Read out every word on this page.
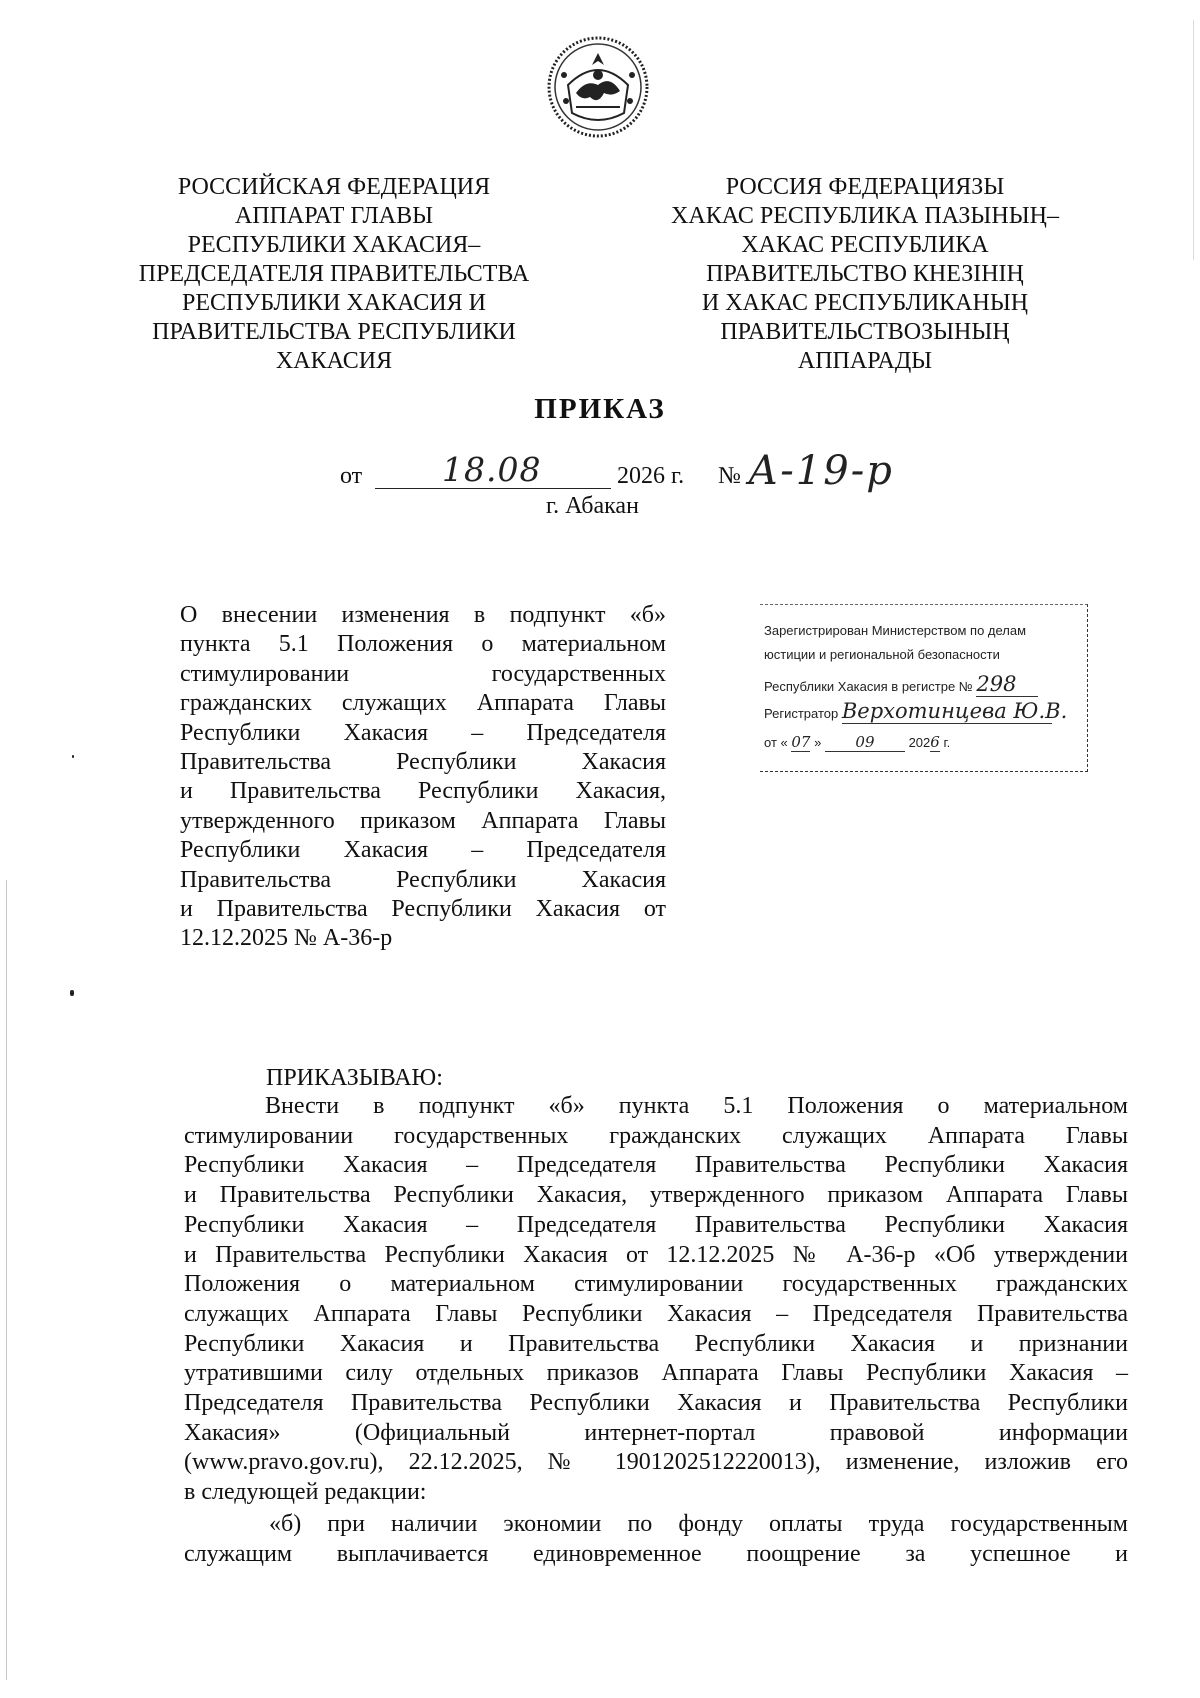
РОССИЙСКАЯ ФЕДЕРАЦИЯ
АППАРАТ ГЛАВЫ
РЕСПУБЛИКИ ХАКАСИЯ–
ПРЕДСЕДАТЕЛЯ ПРАВИТЕЛЬСТВА
РЕСПУБЛИКИ ХАКАСИЯ И
ПРАВИТЕЛЬСТВА РЕСПУБЛИКИ
ХАКАСИЯ
РОССИЯ ФЕДЕРАЦИЯЗЫ
ХАКАС РЕСПУБЛИКА ПАЗЫНЫҢ–
ХАКАС РЕСПУБЛИКА
ПРАВИТЕЛЬСТВО КНЕЗІНІҢ
И ХАКАС РЕСПУБЛИКАНЫҢ
ПРАВИТЕЛЬСТВОЗЫНЫҢ
АППАРАДЫ
ПРИКАЗ
от 18.08	2026 г. № А-19-р
г. Абакан
О внесении изменения в подпункт «б»
пункта 5.1 Положения о материальном
стимулировании государственных
гражданских служащих Аппарата Главы
Республики Хакасия – Председателя
Правительства Республики Хакасия
и Правительства Республики Хакасия,
утвержденного приказом Аппарата Главы
Республики Хакасия – Председателя
Правительства Республики Хакасия
и Правительства Республики Хакасия от
12.12.2025 № А-36-р
Зарегистрирован Министерством по делам
юстиции и региональной безопасности
Республики Хакасия в регистре № 298
Регистратор Верхотинцева Ю.В.
от « 07 » 09	2026 г.
ПРИКАЗЫВАЮ:
Внести в подпункт «б» пункта 5.1 Положения о материальном
стимулировании государственных гражданских служащих Аппарата Главы
Республики Хакасия – Председателя Правительства Республики Хакасия
и Правительства Республики Хакасия, утвержденного приказом Аппарата Главы
Республики Хакасия – Председателя Правительства Республики Хакасия
и Правительства Республики Хакасия от 12.12.2025 № А-36-р «Об утверждении
Положения о материальном стимулировании государственных гражданских
служащих Аппарата Главы Республики Хакасия – Председателя Правительства
Республики Хакасия и Правительства Республики Хакасия и признании
утратившими силу отдельных приказов Аппарата Главы Республики Хакасия –
Председателя Правительства Республики Хакасия и Правительства Республики
Хакасия» (Официальный интернет-портал правовой информации
(www.pravo.gov.ru), 22.12.2025, № 1901202512220013), изменение, изложив его
в следующей редакции:
«б) при наличии экономии по фонду оплаты труда государственным
служащим выплачивается единовременное поощрение за успешное и
